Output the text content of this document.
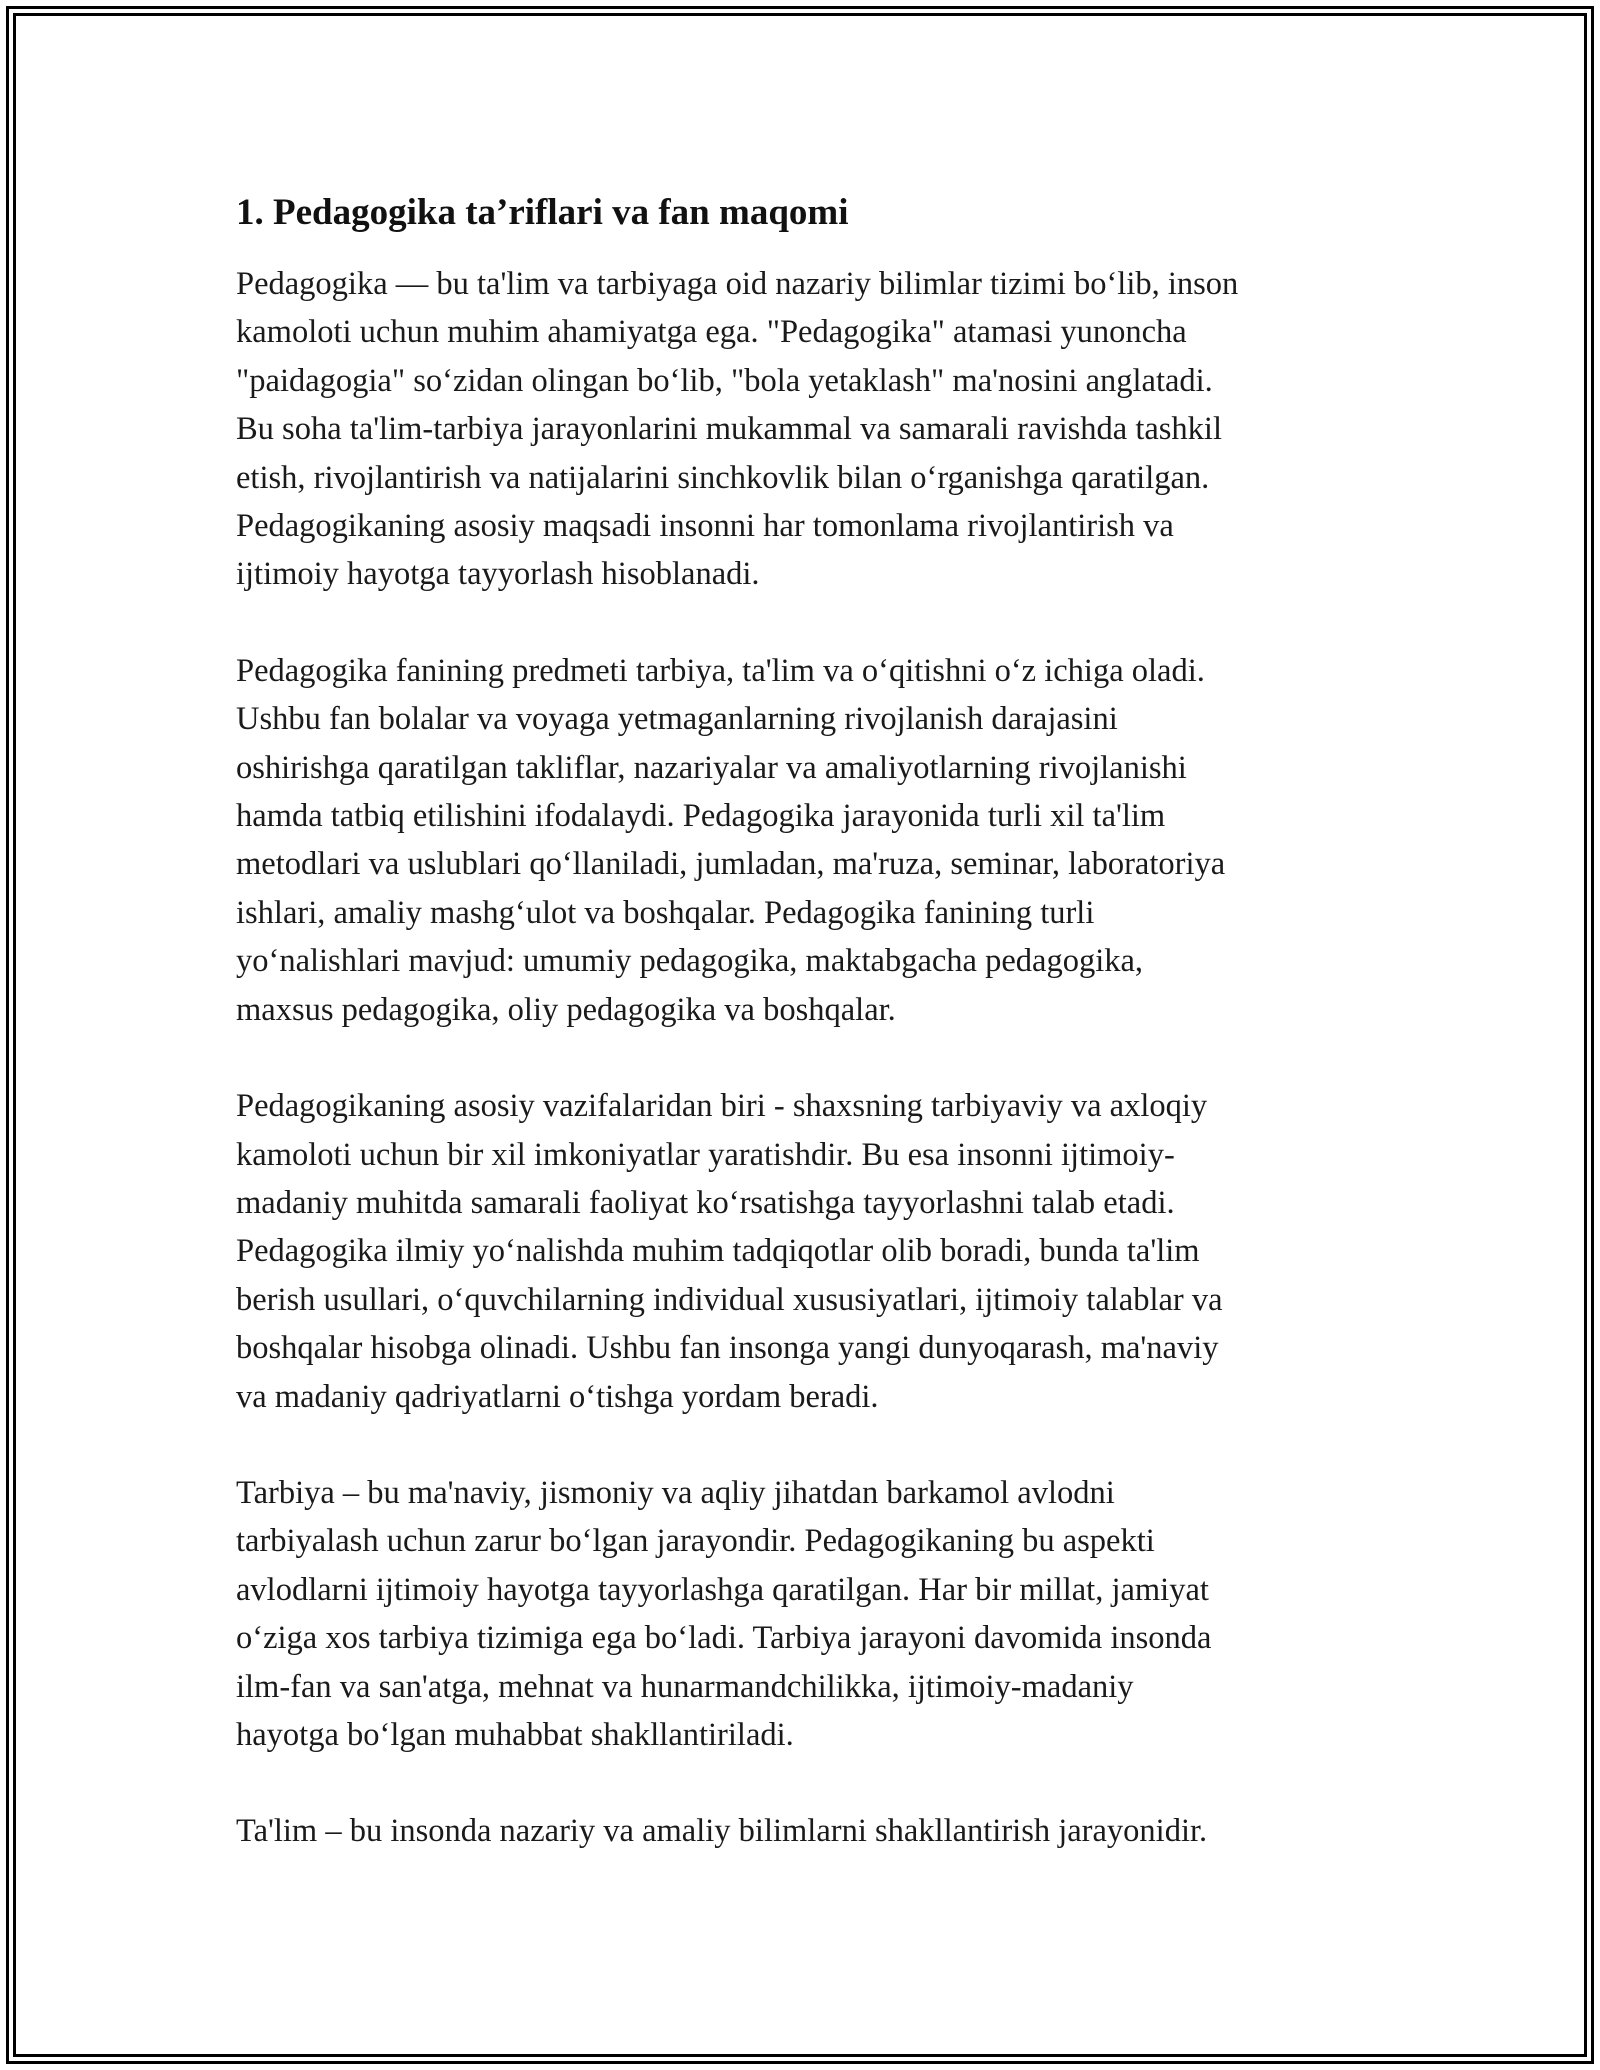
1. Pedagogika ta’riflari va fan maqomi

Pedagogika — bu ta'lim va tarbiyaga oid nazariy bilimlar tizimi boʻlib, inson
kamoloti uchun muhim ahamiyatga ega. "Pedagogika" atamasi yunoncha
"paidagogia" soʻzidan olingan boʻlib, "bola yetaklash" ma'nosini anglatadi.
Bu soha ta'lim-tarbiya jarayonlarini mukammal va samarali ravishda tashkil
etish, rivojlantirish va natijalarini sinchkovlik bilan oʻrganishga qaratilgan.
Pedagogikaning asosiy maqsadi insonni har tomonlama rivojlantirish va
ijtimoiy hayotga tayyorlash hisoblanadi.

Pedagogika fanining predmeti tarbiya, ta'lim va oʻqitishni oʻz ichiga oladi.
Ushbu fan bolalar va voyaga yetmaganlarning rivojlanish darajasini
oshirishga qaratilgan takliflar, nazariyalar va amaliyotlarning rivojlanishi
hamda tatbiq etilishini ifodalaydi. Pedagogika jarayonida turli xil ta'lim
metodlari va uslublari qoʻllaniladi, jumladan, ma'ruza, seminar, laboratoriya
ishlari, amaliy mashgʻulot va boshqalar. Pedagogika fanining turli
yoʻnalishlari mavjud: umumiy pedagogika, maktabgacha pedagogika,
maxsus pedagogika, oliy pedagogika va boshqalar.

Pedagogikaning asosiy vazifalaridan biri - shaxsning tarbiyaviy va axloqiy
kamoloti uchun bir xil imkoniyatlar yaratishdir. Bu esa insonni ijtimoiy-
madaniy muhitda samarali faoliyat koʻrsatishga tayyorlashni talab etadi.
Pedagogika ilmiy yoʻnalishda muhim tadqiqotlar olib boradi, bunda ta'lim
berish usullari, oʻquvchilarning individual xususiyatlari, ijtimoiy talablar va
boshqalar hisobga olinadi. Ushbu fan insonga yangi dunyoqarash, ma'naviy
va madaniy qadriyatlarni oʻtishga yordam beradi.

Tarbiya – bu ma'naviy, jismoniy va aqliy jihatdan barkamol avlodni
tarbiyalash uchun zarur boʻlgan jarayondir. Pedagogikaning bu aspekti
avlodlarni ijtimoiy hayotga tayyorlashga qaratilgan. Har bir millat, jamiyat
oʻziga xos tarbiya tizimiga ega boʻladi. Tarbiya jarayoni davomida insonda
ilm-fan va san'atga, mehnat va hunarmandchilikka, ijtimoiy-madaniy
hayotga boʻlgan muhabbat shakllantiriladi.

Ta'lim – bu insonda nazariy va amaliy bilimlarni shakllantirish jarayonidir.
